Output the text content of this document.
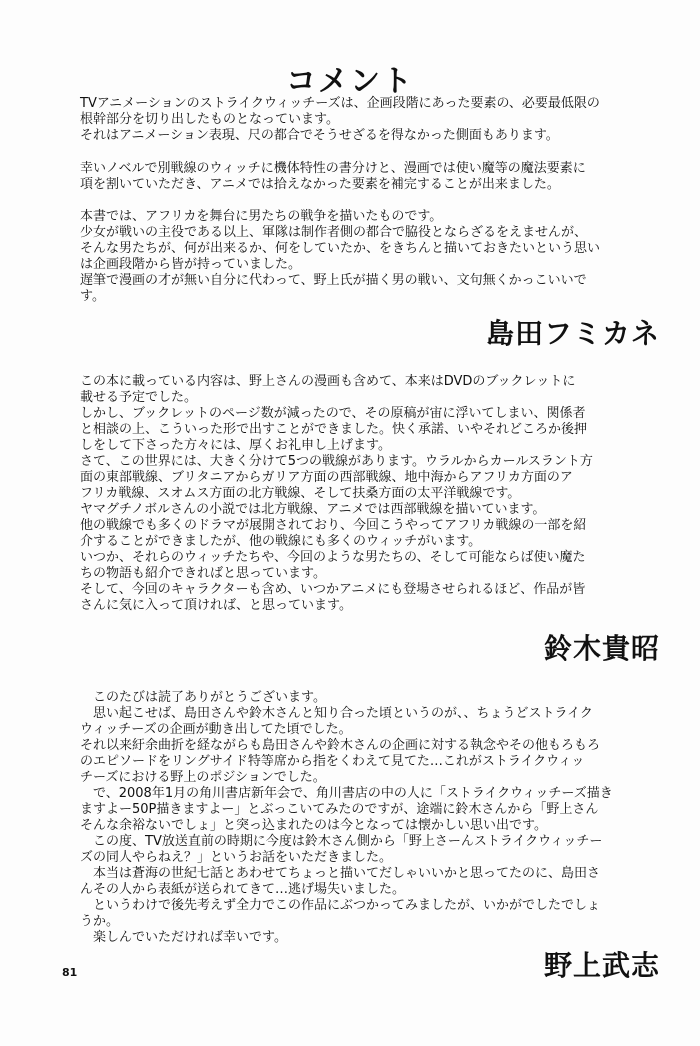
コメント
TVアニメーションのストライクウィッチーズは、企画段階にあった要素の、必要最低限の
根幹部分を切り出したものとなっています。
それはアニメーション表現、尺の都合でそうせざるを得なかった側面もあります。
幸いノベルで別戦線のウィッチに機体特性の書分けと、漫画では使い魔等の魔法要素に
項を割いていただき、アニメでは拾えなかった要素を補完することが出来ました。
本書では、アフリカを舞台に男たちの戦争を描いたものです。
少女が戦いの主役である以上、軍隊は制作者側の都合で脇役とならざるをえませんが、
そんな男たちが、何が出来るか、何をしていたか、をきちんと描いておきたいという思い
は企画段階から皆が持っていました。
遅筆で漫画の才が無い自分に代わって、野上氏が描く男の戦い、文句無くかっこいいで
す。
島田フミカネ
この本に載っている内容は、野上さんの漫画も含めて、本来はDVDのブックレットに
載せる予定でした。
しかし、ブックレットのページ数が減ったので、その原稿が宙に浮いてしまい、関係者
と相談の上、こういった形で出すことができました。快く承諾、いやそれどころか後押
しをして下さった方々には、厚くお礼申し上げます。
さて、この世界には、大きく分けて5つの戦線があります。ウラルからカールスラント方
面の東部戦線、ブリタニアからガリア方面の西部戦線、地中海からアフリカ方面のア
フリカ戦線、スオムス方面の北方戦線、そして扶桑方面の太平洋戦線です。
ヤマグチノボルさんの小説では北方戦線、アニメでは西部戦線を描いています。
他の戦線でも多くのドラマが展開されており、今回こうやってアフリカ戦線の一部を紹
介することができましたが、他の戦線にも多くのウィッチがいます。
いつか、それらのウィッチたちや、今回のような男たちの、そして可能ならば使い魔た
ちの物語も紹介できればと思っています。
そして、今回のキャラクターも含め、いつかアニメにも登場させられるほど、作品が皆
さんに気に入って頂ければ、と思っています。
鈴木貴昭
　このたびは読了ありがとうございます。
　思い起こせば、島田さんや鈴木さんと知り合った頃というのが、、ちょうどストライク
ウィッチーズの企画が動き出してた頃でした。
それ以来紆余曲折を経ながらも島田さんや鈴木さんの企画に対する執念やその他もろもろ
のエピソードをリングサイド特等席から指をくわえて見てた…これがストライクウィッ
チーズにおける野上のポジションでした。
　で、2008年1月の角川書店新年会で、角川書店の中の人に「ストライクウィッチーズ描き
ますよー50P描きますよー」とぶっこいてみたのですが、途端に鈴木さんから「野上さん
そんな余裕ないでしょ」と突っ込まれたのは今となっては懐かしい思い出です。
　この度、TV放送直前の時期に今度は鈴木さん側から「野上さーんストライクウィッチー
ズの同人やらねえ？」というお話をいただきました。
　本当は蒼海の世紀七話とあわせてちょっと描いてだしゃいいかと思ってたのに、島田さ
んその人から表紙が送られてきて…逃げ場失いました。
　というわけで後先考えず全力でこの作品にぶつかってみましたが、いかがでしたでしょ
うか。
　楽しんでいただければ幸いです。
野上武志
81
